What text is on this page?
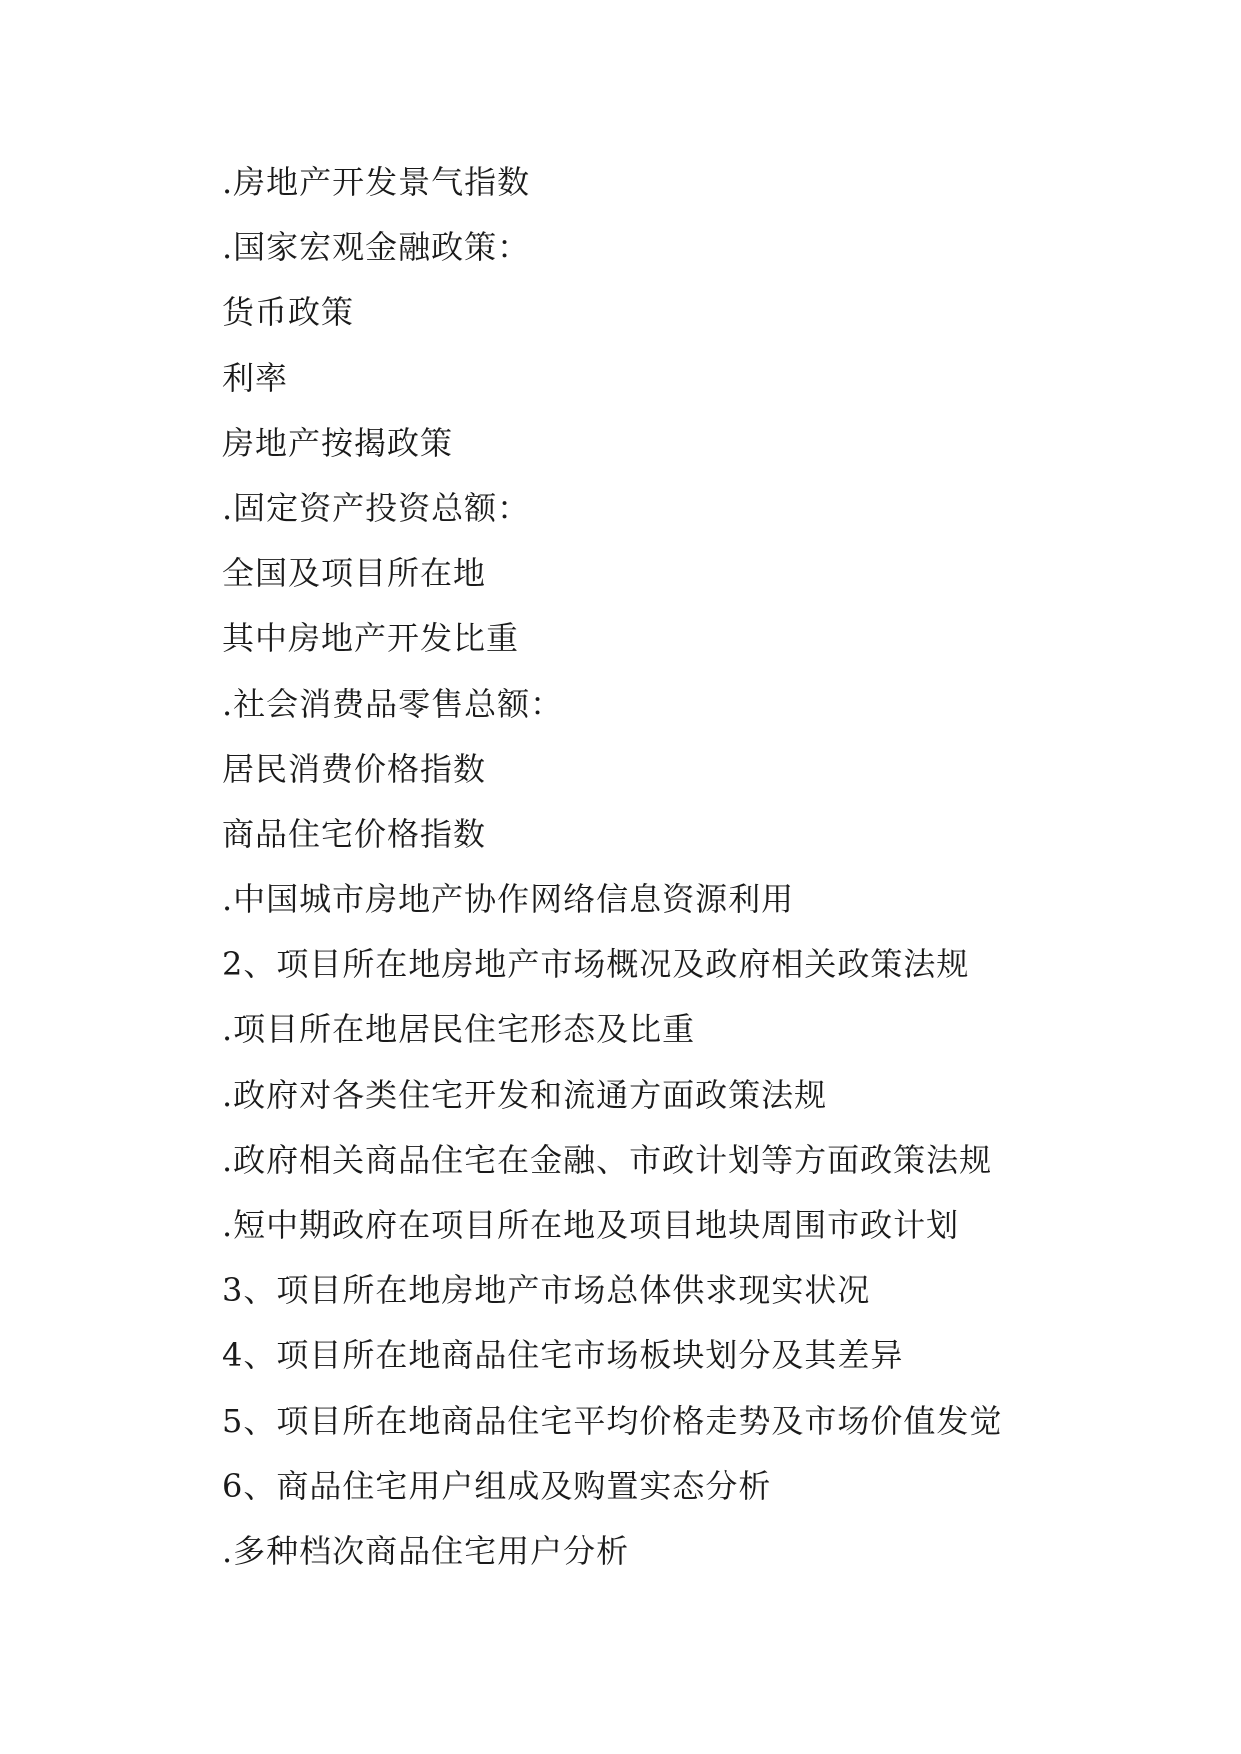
.房地产开发景气指数
.国家宏观金融政策：
货币政策
利率
房地产按揭政策
.固定资产投资总额：
全国及项目所在地
其中房地产开发比重
.社会消费品零售总额：
居民消费价格指数
商品住宅价格指数
.中国城市房地产协作网络信息资源利用
2、项目所在地房地产市场概况及政府相关政策法规
.项目所在地居民住宅形态及比重
.政府对各类住宅开发和流通方面政策法规
.政府相关商品住宅在金融、市政计划等方面政策法规
.短中期政府在项目所在地及项目地块周围市政计划
3、项目所在地房地产市场总体供求现实状况
4、项目所在地商品住宅市场板块划分及其差异
5、项目所在地商品住宅平均价格走势及市场价值发觉
6、商品住宅用户组成及购置实态分析
.多种档次商品住宅用户分析
